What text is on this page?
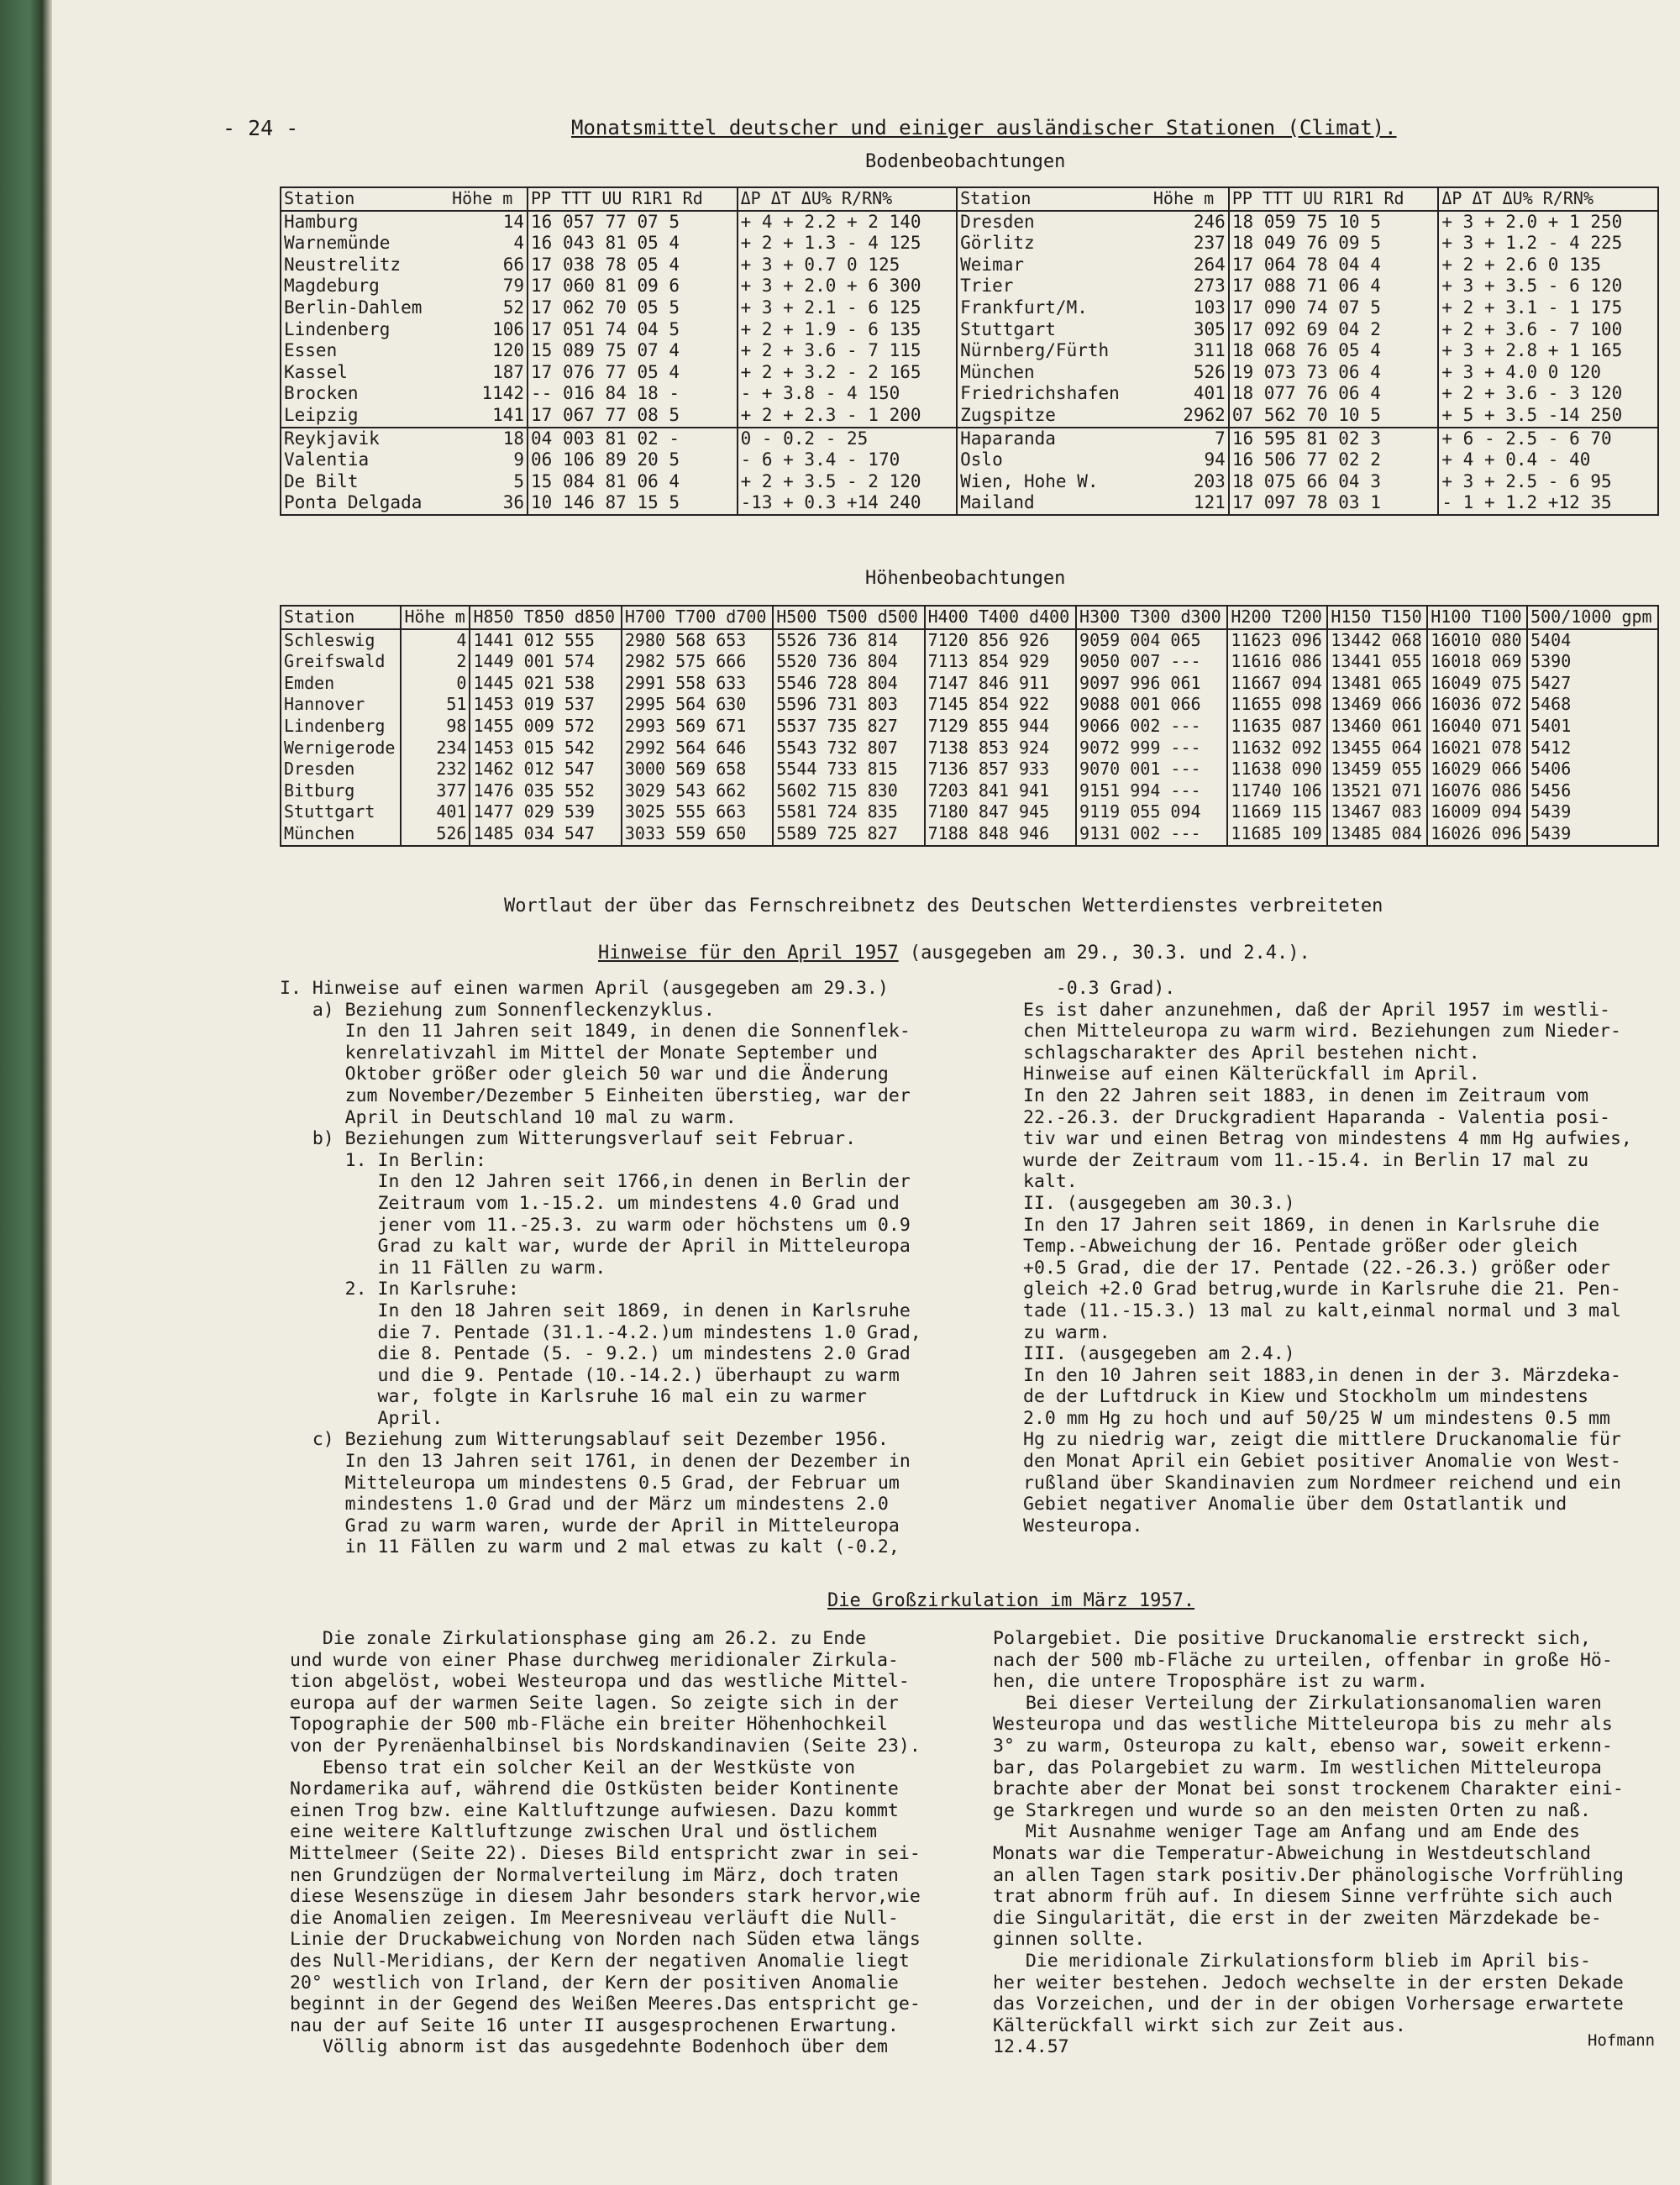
- 24 -	Monatsmittel deutscher und einiger ausländischer Stationen (Climat).
Bodenbeobachtungen
Station	Höhe m	PP TTT UU R1R1 Rd	ΔP ΔT ΔU% R/RN%	Station	Höhe m	PP TTT UU R1R1 Rd	ΔP ΔT ΔU% R/RN%
Hamburg	14	16 057 77 07 5	+ 4 + 2.2 + 2 140	Dresden	246	18 059 75 10 5	+ 3 + 2.0 + 1 250
Warnemünde	4	16 043 81 05 4	+ 2 + 1.3 - 4 125	Görlitz	237	18 049 76 09 5	+ 3 + 1.2 - 4 225
Neustrelitz	66	17 038 78 05 4	+ 3 + 0.7 0 125	Weimar	264	17 064 78 04 4	+ 2 + 2.6 0 135
Magdeburg	79	17 060 81 09 6	+ 3 + 2.0 + 6 300	Trier	273	17 088 71 06 4	+ 3 + 3.5 - 6 120
Berlin-Dahlem	52	17 062 70 05 5	+ 3 + 2.1 - 6 125	Frankfurt/M.	103	17 090 74 07 5	+ 2 + 3.1 - 1 175
Lindenberg	106	17 051 74 04 5	+ 2 + 1.9 - 6 135	Stuttgart	305	17 092 69 04 2	+ 2 + 3.6 - 7 100
Essen	120	15 089 75 07 4	+ 2 + 3.6 - 7 115	Nürnberg/Fürth	311	18 068 76 05 4	+ 3 + 2.8 + 1 165
Kassel	187	17 076 77 05 4	+ 2 + 3.2 - 2 165	München	526	19 073 73 06 4	+ 3 + 4.0 0 120
Brocken	1142	-- 016 84 18 -	- + 3.8 - 4 150	Friedrichshafen	401	18 077 76 06 4	+ 2 + 3.6 - 3 120
Leipzig	141	17 067 77 08 5	+ 2 + 2.3 - 1 200	Zugspitze	2962	07 562 70 10 5	+ 5 + 3.5 -14 250
Reykjavik	18	04 003 81 02 -	0 - 0.2 - 25	Haparanda	7	16 595 81 02 3	+ 6 - 2.5 - 6 70
Valentia	9	06 106 89 20 5	- 6 + 3.4 - 170	Oslo	94	16 506 77 02 2	+ 4 + 0.4 - 40
De Bilt	5	15 084 81 06 4	+ 2 + 3.5 - 2 120	Wien, Hohe W.	203	18 075 66 04 3	+ 3 + 2.5 - 6 95
Ponta Delgada	36	10 146 87 15 5	-13 + 0.3 +14 240	Mailand	121	17 097 78 03 1	- 1 + 1.2 +12 35
Höhenbeobachtungen
Station	Höhe m	H850 T850 d850	H700 T700 d700	H500 T500 d500	H400 T400 d400	H300 T300 d300	H200 T200	H150 T150	H100 T100	500/1000 gpm
Schleswig	4	1441 012 555	2980 568 653	5526 736 814	7120 856 926	9059 004 065	11623 096	13442 068	16010 080	5404
Greifswald	2	1449 001 574	2982 575 666	5520 736 804	7113 854 929	9050 007 ---	11616 086	13441 055	16018 069	5390
Emden	0	1445 021 538	2991 558 633	5546 728 804	7147 846 911	9097 996 061	11667 094	13481 065	16049 075	5427
Hannover	51	1453 019 537	2995 564 630	5596 731 803	7145 854 922	9088 001 066	11655 098	13469 066	16036 072	5468
Lindenberg	98	1455 009 572	2993 569 671	5537 735 827	7129 855 944	9066 002 ---	11635 087	13460 061	16040 071	5401
Wernigerode	234	1453 015 542	2992 564 646	5543 732 807	7138 853 924	9072 999 ---	11632 092	13455 064	16021 078	5412
Dresden	232	1462 012 547	3000 569 658	5544 733 815	7136 857 933	9070 001 ---	11638 090	13459 055	16029 066	5406
Bitburg	377	1476 035 552	3029 543 662	5602 715 830	7203 841 941	9151 994 ---	11740 106	13521 071	16076 086	5456
Stuttgart	401	1477 029 539	3025 555 663	5581 724 835	7180 847 945	9119 055 094	11669 115	13467 083	16009 094	5439
München	526	1485 034 547	3033 559 650	5589 725 827	7188 848 946	9131 002 ---	11685 109	13485 084	16026 096	5439
Wortlaut der über das Fernschreibnetz des Deutschen Wetterdienstes verbreiteten
Hinweise für den April 1957 (ausgegeben am 29., 30.3. und 2.4.).
I. Hinweise auf einen warmen April (ausgegeben am 29.3.)
a) Beziehung zum Sonnenfleckenzyklus.
In den 11 Jahren seit 1849, in denen die Sonnenflek-
kenrelativzahl im Mittel der Monate September und
Oktober größer oder gleich 50 war und die Änderung
zum November/Dezember 5 Einheiten überstieg, war der
April in Deutschland 10 mal zu warm.
b) Beziehungen zum Witterungsverlauf seit Februar.
1. In Berlin:
In den 12 Jahren seit 1766,in denen in Berlin der
Zeitraum vom 1.-15.2. um mindestens 4.0 Grad und
jener vom 11.-25.3. zu warm oder höchstens um 0.9
Grad zu kalt war, wurde der April in Mitteleuropa
in 11 Fällen zu warm.
2. In Karlsruhe:
In den 18 Jahren seit 1869, in denen in Karlsruhe
die 7. Pentade (31.1.-4.2.)um mindestens 1.0 Grad,
die 8. Pentade (5. - 9.2.) um mindestens 2.0 Grad
und die 9. Pentade (10.-14.2.) überhaupt zu warm
war, folgte in Karlsruhe 16 mal ein zu warmer
April.
c) Beziehung zum Witterungsablauf seit Dezember 1956.
In den 13 Jahren seit 1761, in denen der Dezember in
Mitteleuropa um mindestens 0.5 Grad, der Februar um
mindestens 1.0 Grad und der März um mindestens 2.0
Grad zu warm waren, wurde der April in Mitteleuropa
in 11 Fällen zu warm und 2 mal etwas zu kalt (-0.2,
-0.3 Grad).
Es ist daher anzunehmen, daß der April 1957 im westli-
chen Mitteleuropa zu warm wird. Beziehungen zum Nieder-
schlagscharakter des April bestehen nicht.
Hinweise auf einen Kälterückfall im April.
In den 22 Jahren seit 1883, in denen im Zeitraum vom
22.-26.3. der Druckgradient Haparanda - Valentia posi-
tiv war und einen Betrag von mindestens 4 mm Hg aufwies,
wurde der Zeitraum vom 11.-15.4. in Berlin 17 mal zu
kalt.
II. (ausgegeben am 30.3.)
In den 17 Jahren seit 1869, in denen in Karlsruhe die
Temp.-Abweichung der 16. Pentade größer oder gleich
+0.5 Grad, die der 17. Pentade (22.-26.3.) größer oder
gleich +2.0 Grad betrug,wurde in Karlsruhe die 21. Pen-
tade (11.-15.3.) 13 mal zu kalt,einmal normal und 3 mal
zu warm.
III. (ausgegeben am 2.4.)
In den 10 Jahren seit 1883,in denen in der 3. Märzdeka-
de der Luftdruck in Kiew und Stockholm um mindestens
2.0 mm Hg zu hoch und auf 50/25 W um mindestens 0.5 mm
Hg zu niedrig war, zeigt die mittlere Druckanomalie für
den Monat April ein Gebiet positiver Anomalie von West-
rußland über Skandinavien zum Nordmeer reichend und ein
Gebiet negativer Anomalie über dem Ostatlantik und
Westeuropa.
Die Großzirkulation im März 1957.
Die zonale Zirkulationsphase ging am 26.2. zu Ende
und wurde von einer Phase durchweg meridionaler Zirkula-
tion abgelöst, wobei Westeuropa und das westliche Mittel-
europa auf der warmen Seite lagen. So zeigte sich in der
Topographie der 500 mb-Fläche ein breiter Höhenhochkeil
von der Pyrenäenhalbinsel bis Nordskandinavien (Seite 23).
Ebenso trat ein solcher Keil an der Westküste von
Nordamerika auf, während die Ostküsten beider Kontinente
einen Trog bzw. eine Kaltluftzunge aufwiesen. Dazu kommt
eine weitere Kaltluftzunge zwischen Ural und östlichem
Mittelmeer (Seite 22). Dieses Bild entspricht zwar in sei-
nen Grundzügen der Normalverteilung im März, doch traten
diese Wesenszüge in diesem Jahr besonders stark hervor,wie
die Anomalien zeigen. Im Meeresniveau verläuft die Null-
Linie der Druckabweichung von Norden nach Süden etwa längs
des Null-Meridians, der Kern der negativen Anomalie liegt
20° westlich von Irland, der Kern der positiven Anomalie
beginnt in der Gegend des Weißen Meeres.Das entspricht ge-
nau der auf Seite 16 unter II ausgesprochenen Erwartung.
Völlig abnorm ist das ausgedehnte Bodenhoch über dem
Polargebiet. Die positive Druckanomalie erstreckt sich,
nach der 500 mb-Fläche zu urteilen, offenbar in große Hö-
hen, die untere Troposphäre ist zu warm.
Bei dieser Verteilung der Zirkulationsanomalien waren
Westeuropa und das westliche Mitteleuropa bis zu mehr als
3° zu warm, Osteuropa zu kalt, ebenso war, soweit erkenn-
bar, das Polargebiet zu warm. Im westlichen Mitteleuropa
brachte aber der Monat bei sonst trockenem Charakter eini-
ge Starkregen und wurde so an den meisten Orten zu naß.
Mit Ausnahme weniger Tage am Anfang und am Ende des
Monats war die Temperatur-Abweichung in Westdeutschland
an allen Tagen stark positiv.Der phänologische Vorfrühling
trat abnorm früh auf. In diesem Sinne verfrühte sich auch
die Singularität, die erst in der zweiten Märzdekade be-
ginnen sollte.
Die meridionale Zirkulationsform blieb im April bis-
her weiter bestehen. Jedoch wechselte in der ersten Dekade
das Vorzeichen, und der in der obigen Vorhersage erwartete
Kälterückfall wirkt sich zur Zeit aus.
12.4.57	Hofmann
